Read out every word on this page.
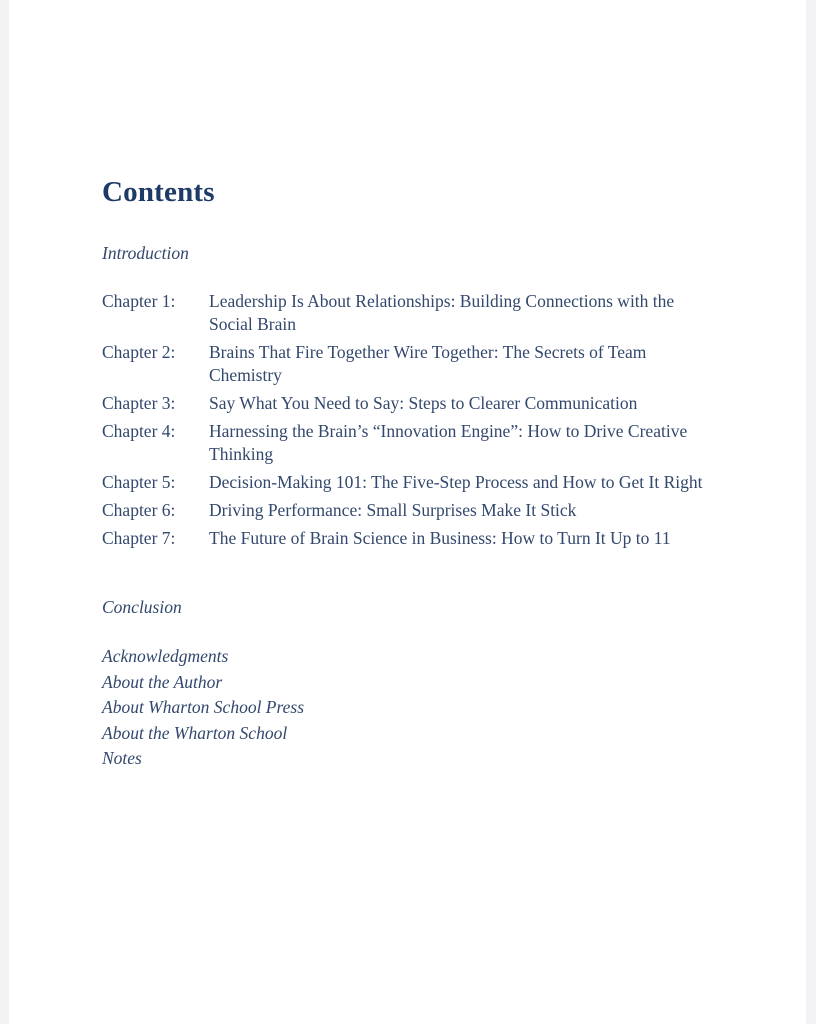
Contents
Introduction
Chapter 1:	Leadership Is About Relationships: Building Connections with the Social Brain
Chapter 2:	Brains That Fire Together Wire Together: The Secrets of Team Chemistry
Chapter 3:	Say What You Need to Say: Steps to Clearer Communication
Chapter 4:	Harnessing the Brain’s “Innovation Engine”: How to Drive Creative Thinking
Chapter 5:	Decision-Making 101: The Five-Step Process and How to Get It Right
Chapter 6:	Driving Performance: Small Surprises Make It Stick
Chapter 7:	The Future of Brain Science in Business: How to Turn It Up to 11
Conclusion
Acknowledgments
About the Author
About Wharton School Press
About the Wharton School
Notes
